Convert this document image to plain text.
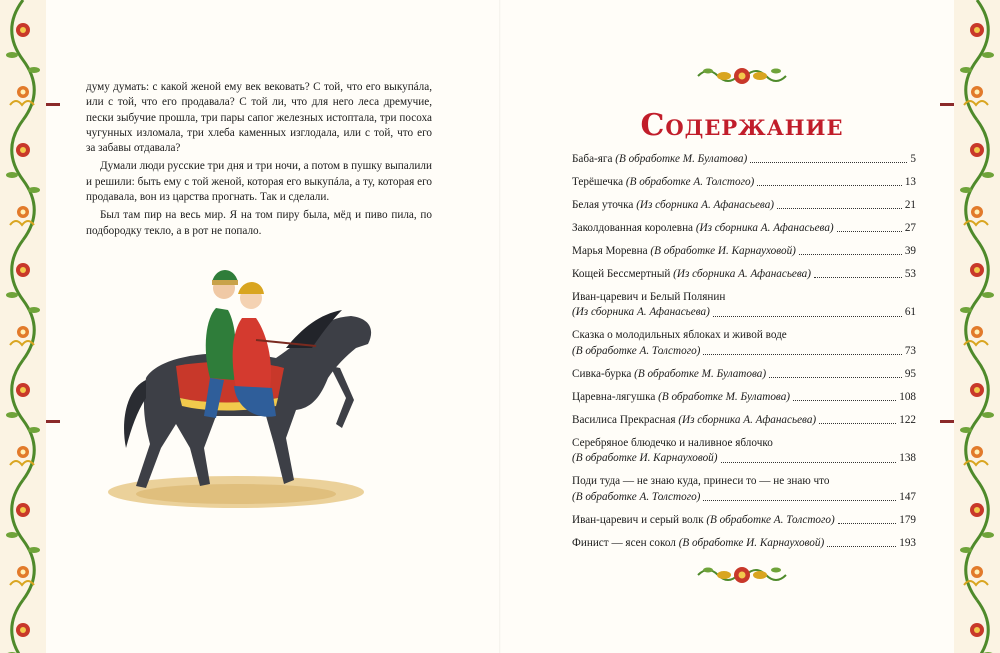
думу думать: с какой женой ему век вековать? С той, что его выкупáла, или с той, что его продавала? С той ли, что для него леса дремучие, пески зыбучие прошла, три пары сапог железных истоптала, три посоха чугунных изломала, три хлеба каменных изглодала, или с той, что его за забавы отдавала?

Думали люди русские три дня и три ночи, а потом в пушку выпалили и решили: быть ему с той женой, которая его выкупáла, а ту, которая его продавала, вон из царства прогнать. Так и сделали.

Был там пир на весь мир. Я на том пиру была, мёд и пиво пила, по подбородку текло, а в рот не попало.

Содержание
Баба-яга (В обработке М. Булатова)	5
Терёшечка (В обработке А. Толстого)	13
Белая уточка (Из сборника А. Афанасьева)	21
Заколдованная королевна (Из сборника А. Афанасьева)	27
Марья Моревна (В обработке И. Карнауховой)	39
Кощей Бессмертный (Из сборника А. Афанасьева)	53
Иван-царевич и Белый Полянин
(Из сборника А. Афанасьева)	61
Сказка о молодильных яблоках и живой воде
(В обработке А. Толстого)	73
Сивка-бурка (В обработке М. Булатова)	95
Царевна-лягушка (В обработке М. Булатова)	108
Василиса Прекрасная (Из сборника А. Афанасьева)	122
Серебряное блюдечко и наливное яблочко
(В обработке И. Карнауховой)	138
Поди туда — не знаю куда, принеси то — не знаю что
(В обработке А. Толстого)	147
Иван-царевич и серый волк (В обработке А. Толстого)	179
Финист — ясен сокол (В обработке И. Карнауховой)	193
